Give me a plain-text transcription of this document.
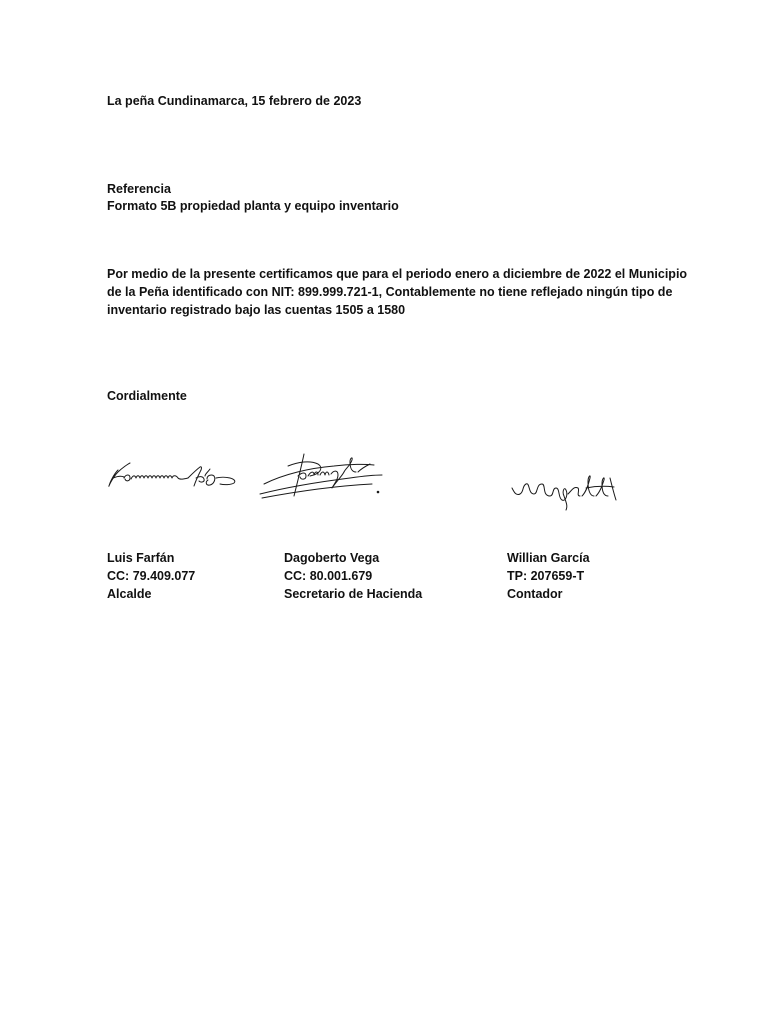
La peña Cundinamarca, 15 febrero de 2023
Referencia
Formato 5B propiedad planta y equipo inventario
Por medio de la presente certificamos que para el periodo enero a diciembre de 2022 el Municipio
de la Peña identificado con NIT: 899.999.721-1, Contablemente no tiene reflejado ningún tipo de
inventario registrado bajo las cuentas 1505 a 1580
Cordialmente
Luis Farfán
CC: 79.409.077
Alcalde
Dagoberto Vega
CC: 80.001.679
Secretario de Hacienda
Willian García
TP: 207659-T
Contador
